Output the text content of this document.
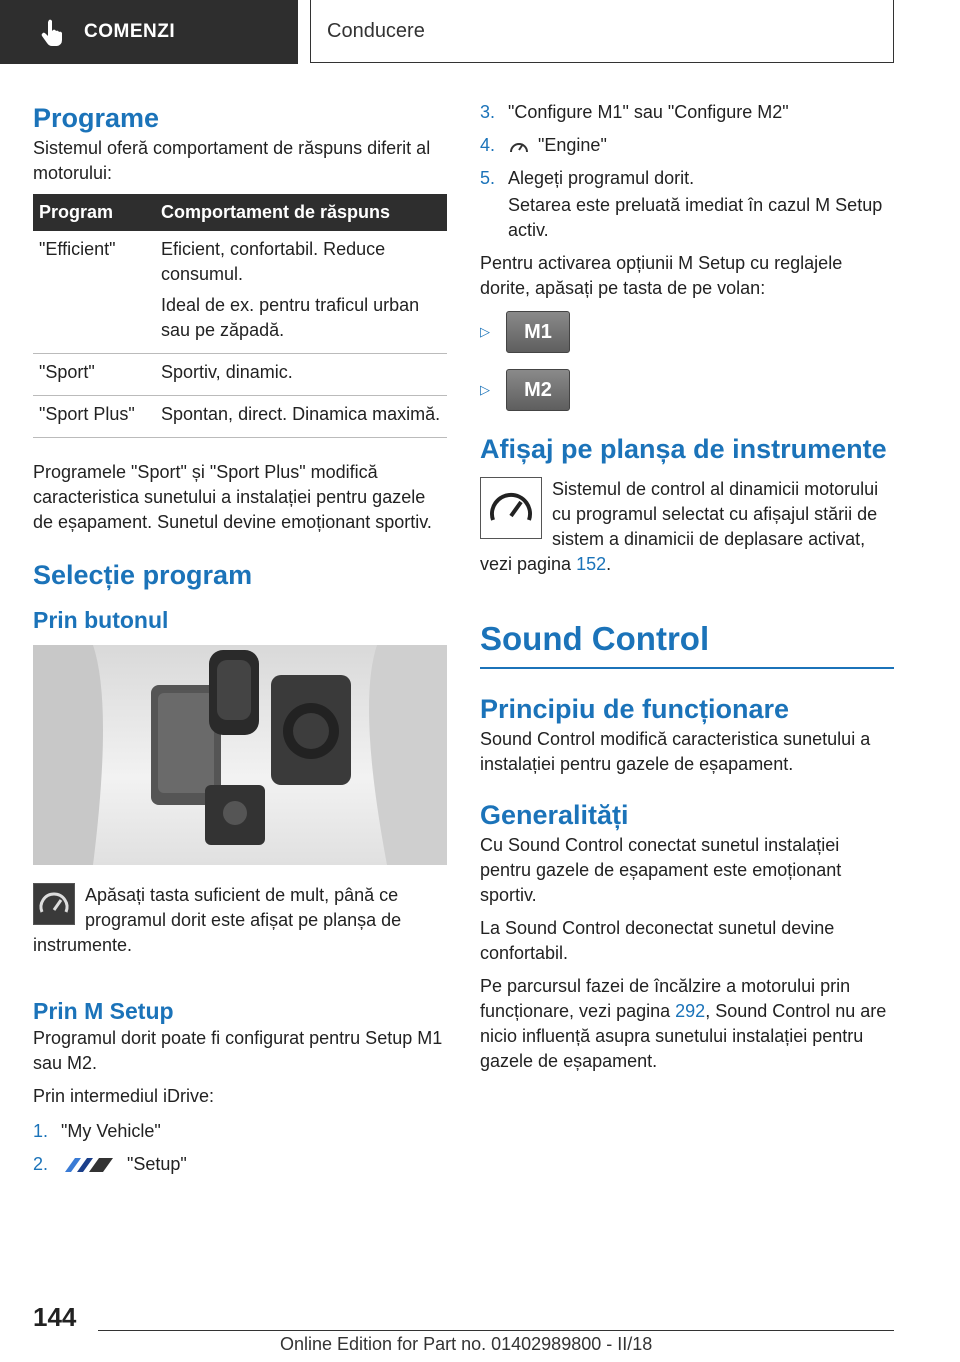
COMENZI	Conducere
Programe

Sistemul oferă comportament de răspuns diferit al motorului:

Program	Comportament de răspuns
"Efficient"	Eficient, confortabil. Reduce consumul.

Ideal de ex. pentru traficul urban sau pe zăpadă.

"Sport"	Sportiv, dinamic.
"Sport Plus"	Spontan, direct. Dinamica maximă.

Programele "Sport" și "Sport Plus" modifică caracteristica sunetului a instalației pentru gazele de eșapament. Sunetul devine emoționant sportiv.

Selecție program
Prin butonul

Apăsați tasta suficient de mult, până ce programul dorit este afișat pe planșa de instrumente.

Prin M Setup

Programul dorit poate fi configurat pentru Setup M1 sau M2.

Prin intermediul iDrive:

1. "My Vehicle"
2.	"Setup"
3. "Configure M1" sau "Configure M2"
4.	"Engine"
5. Alegeți programul dorit.

Setarea este preluată imediat în cazul M Setup activ.

Pentru activarea opțiunii M Setup cu reglajele dorite, apăsați pe tasta de pe volan:

▷	M1
▷	M2
Afișaj pe planșa de instrumente

Sistemul de control al dinamicii motorului cu programul selectat cu afișajul stării de sistem a dinamicii de deplasare activat, vezi pagina 152.

Sound Control
Principiu de funcționare

Sound Control modifică caracteristica sunetului a instalației pentru gazele de eșapament.

Generalități

Cu Sound Control conectat sunetul instalației pentru gazele de eșapament este emoționant sportiv.

La Sound Control deconectat sunetul devine confortabil.

Pe parcursul fazei de încălzire a motorului prin funcționare, vezi pagina 292, Sound Control nu are nicio influență asupra sunetului instalației pentru gazele de eșapament.

144
Online Edition for Part no. 01402989800 - II/18
